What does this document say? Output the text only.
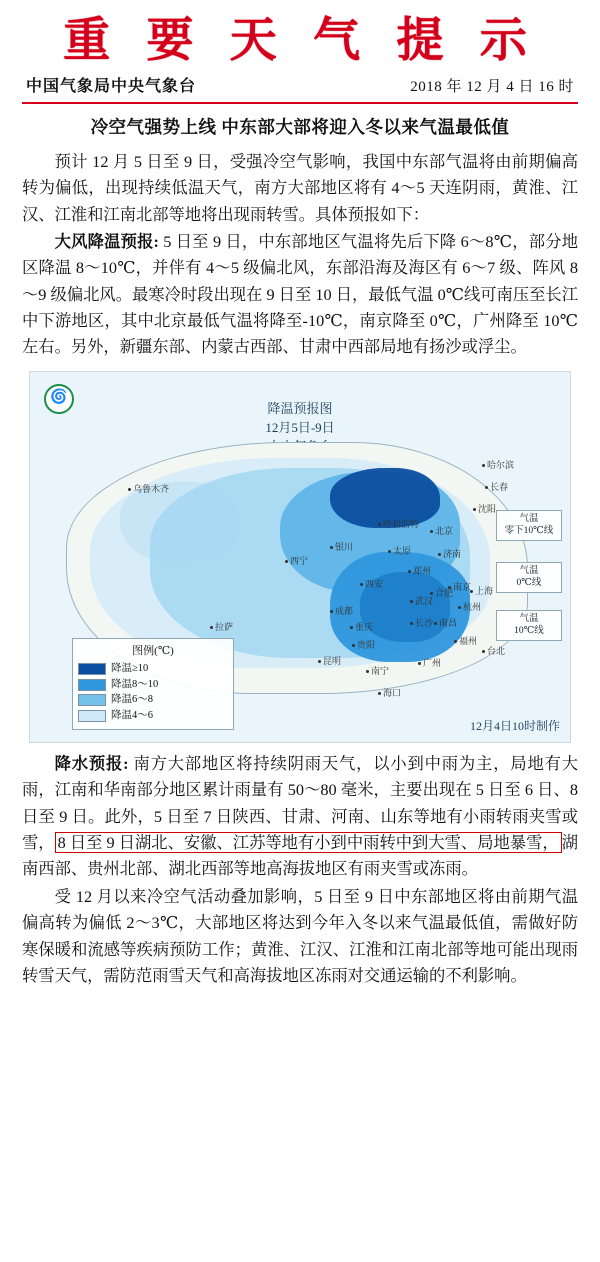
重 要 天 气 提 示
中国气象局中央气象台	2018 年 12 月 4 日 16 时
冷空气强势上线 中东部大部将迎入冬以来气温最低值

预计 12 月 5 日至 9 日，受强冷空气影响，我国中东部气温将由前期偏高转为偏低，出现持续低温天气，南方大部地区将有 4～5 天连阴雨，黄淮、江汉、江淮和江南北部等地将出现雨转雪。具体预报如下：

大风降温预报: 5 日至 9 日，中东部地区气温将先后下降 6～8℃，部分地区降温 8～10℃，并伴有 4～5 级偏北风，东部沿海及海区有 6～7 级、阵风 8～9 级偏北风。最寒冷时段出现在 9 日至 10 日，最低气温 0℃线可南压至长江中下游地区，其中北京最低气温将降至-10℃，南京降至 0℃，广州降至 10℃左右。另外，新疆东部、内蒙古西部、甘肃中西部局地有扬沙或浮尘。

🌀
降温预报图
12月5日-9日
哈尔滨
长春
沈阳
乌鲁木齐
北京
呼和浩特
银川	太原	济南
西宁
西安
郑州
南京
合肥	上海
武汉
杭州
成都
拉萨	重庆	长沙 南昌
福州
贵阳
昆明
南宁
广州
台北
海口
气温
零下10℃线
气温
0℃线
气温
10℃线
图例(℃)
降温≥10
降温8～10
降温6～8
降温4～6
12月4日10时制作

降水预报: 南方大部地区将持续阴雨天气，以小到中雨为主，局地有大雨，江南和华南部分地区累计雨量有 50～80 毫米，主要出现在 5 日至 6 日、8 日至 9 日。此外，5 日至 7 日陕西、甘肃、河南、山东等地有小雨转雨夹雪或雪， 8 日至 9 日湖北、安徽、江苏等地有小到中雨转中到大雪、局地暴雪， 湖南西部、贵州北部、湖北西部等地高海拔地区有雨夹雪或冻雨。

受 12 月以来冷空气活动叠加影响，5 日至 9 日中东部地区将由前期气温偏高转为偏低 2～3℃，大部地区将达到今年入冬以来气温最低值，需做好防寒保暖和流感等疾病预防工作；黄淮、江汉、江淮和江南北部等地可能出现雨转雪天气，需防范雨雪天气和高海拔地区冻雨对交通运输的不利影响。
